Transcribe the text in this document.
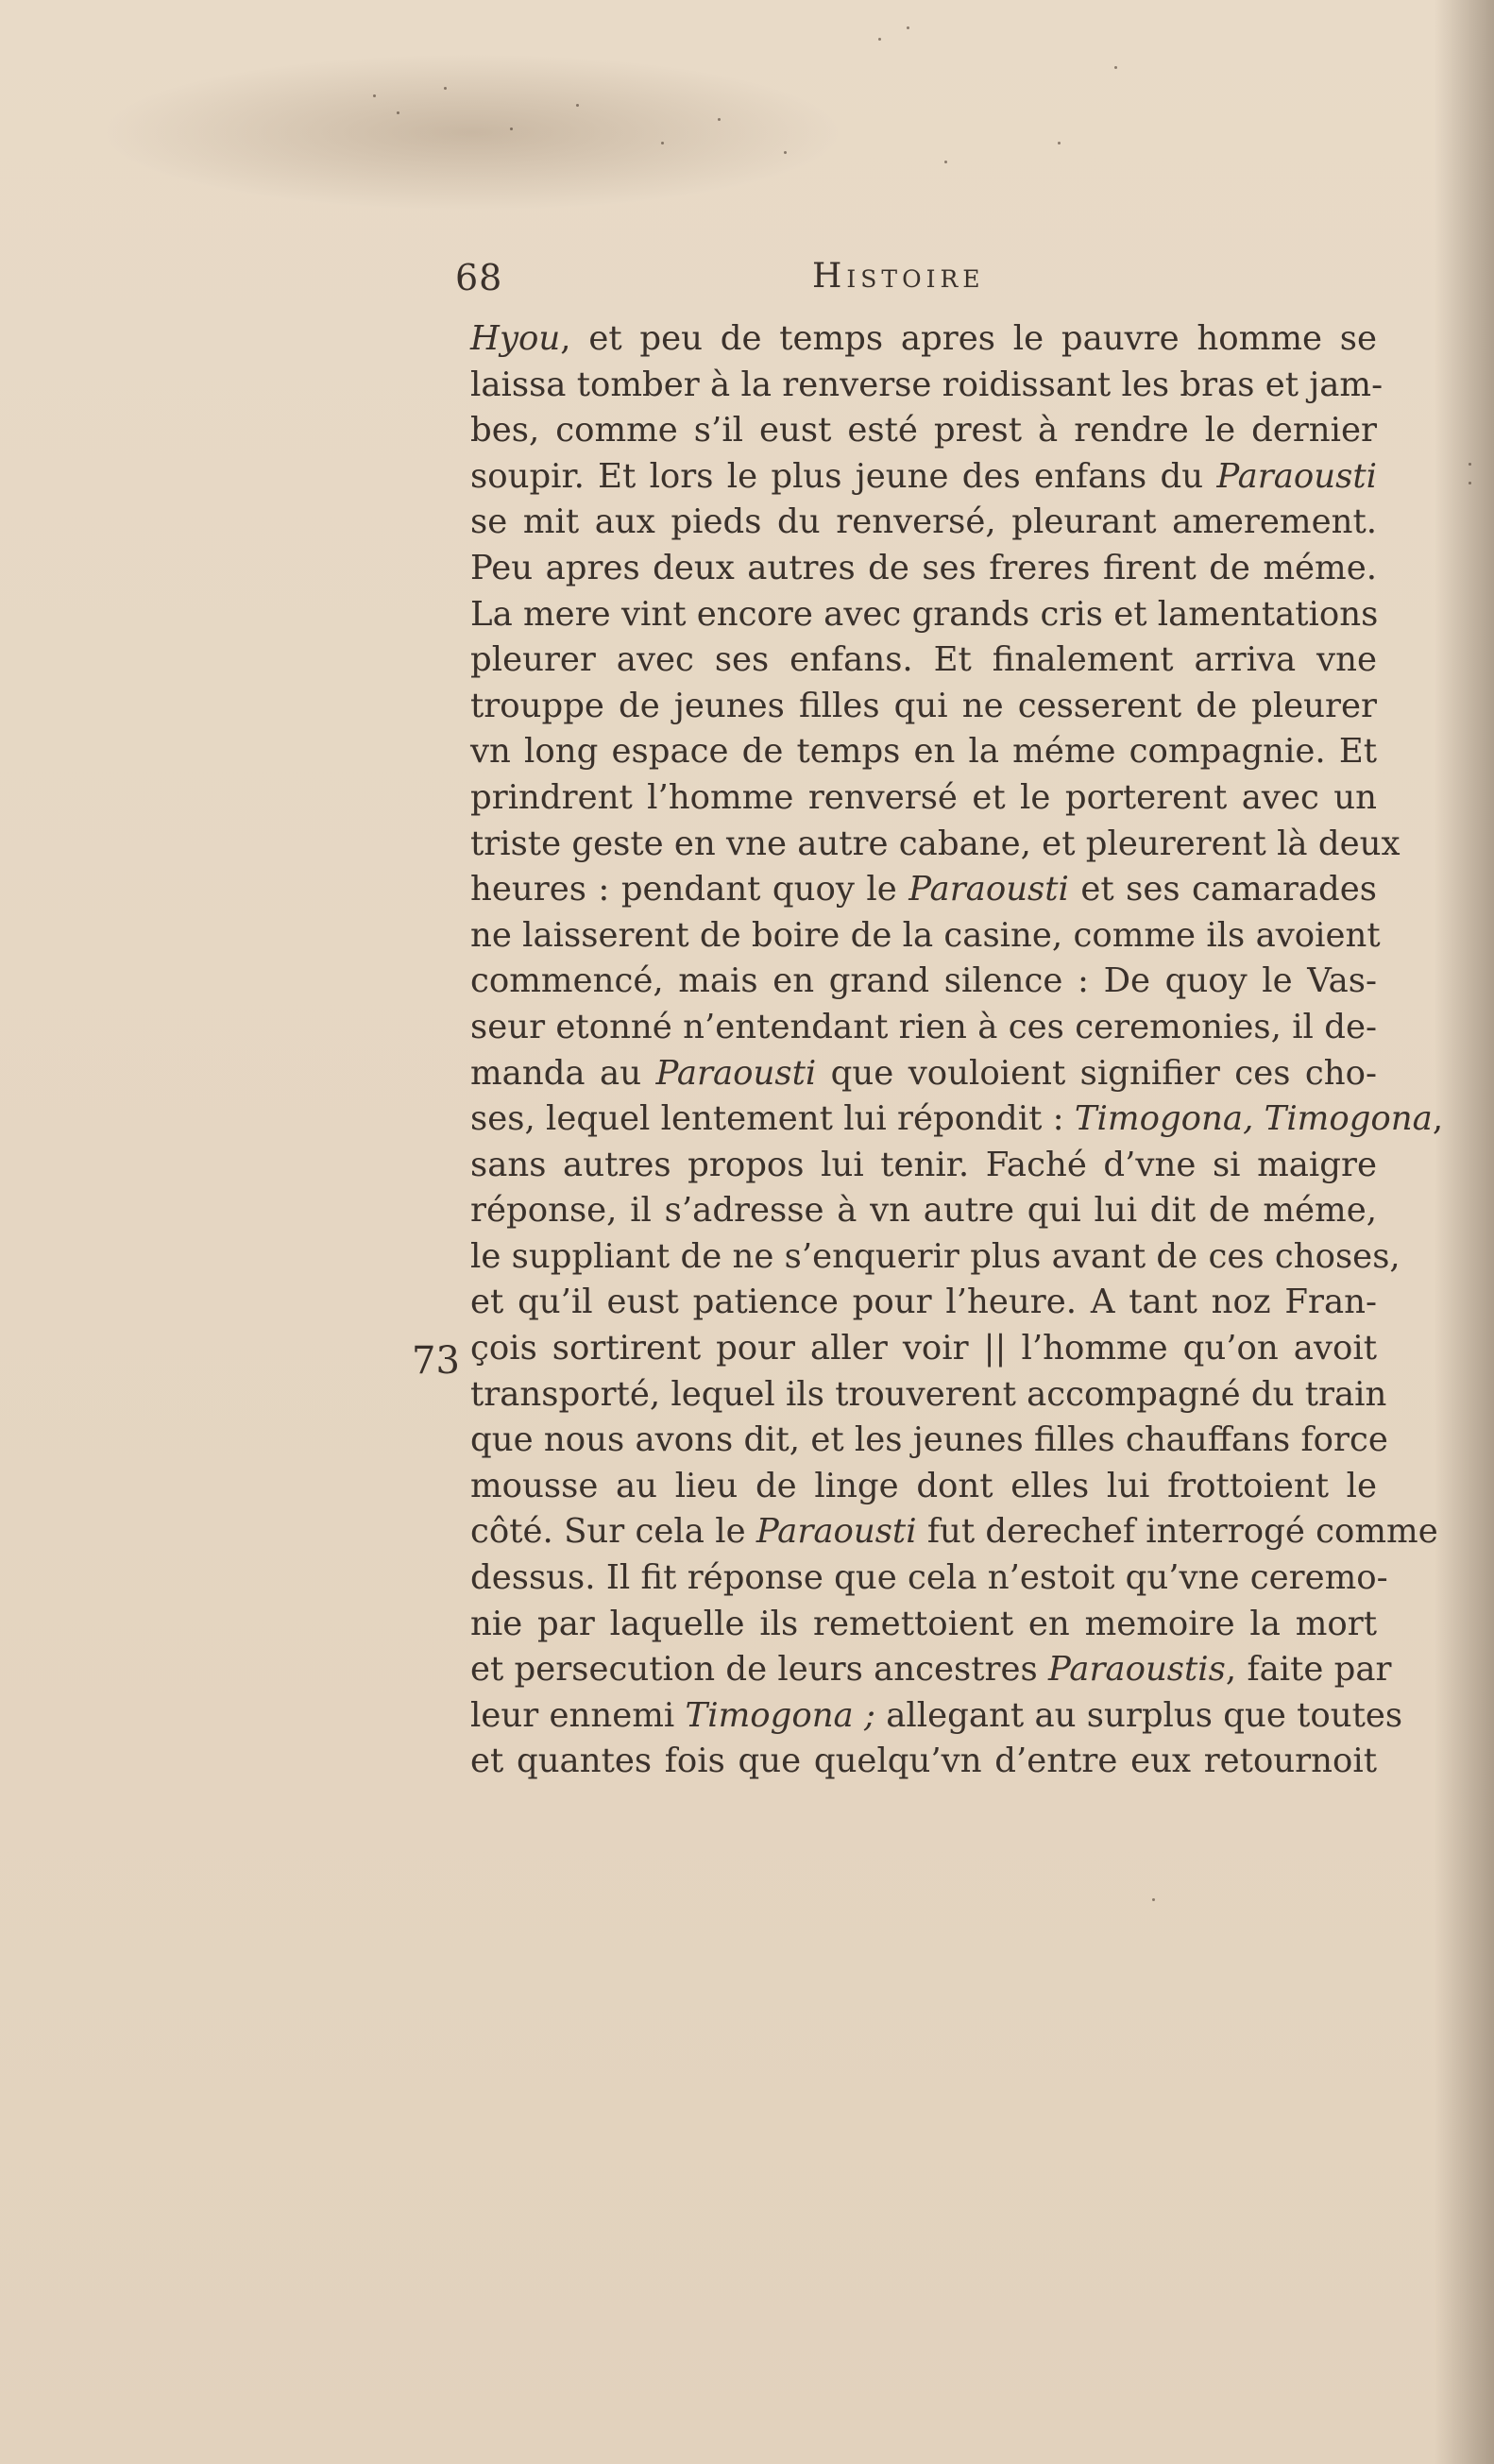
68	Histoire
73
Hyou, et peu de temps apres le pauvre homme se
laissa tomber à la renverse roidissant les bras et jam-
bes, comme s’il eust esté prest à rendre le dernier
soupir. Et lors le plus jeune des enfans du Paraousti
se mit aux pieds du renversé, pleurant amerement.
Peu apres deux autres de ses freres firent de méme.
La mere vint encore avec grands cris et lamentations
pleurer avec ses enfans. Et finalement arriva vne
trouppe de jeunes filles qui ne cesserent de pleurer
vn long espace de temps en la méme compagnie. Et
prindrent l’homme renversé et le porterent avec un
triste geste en vne autre cabane, et pleurerent là deux
heures : pendant quoy le Paraousti et ses camarades
ne laisserent de boire de la casine, comme ils avoient
commencé, mais en grand silence : De quoy le Vas-
seur etonné n’entendant rien à ces ceremonies, il de-
manda au Paraousti que vouloient signifier ces cho-
ses, lequel lentement lui répondit : Timogona, Timogona,
sans autres propos lui tenir. Faché d’vne si maigre
réponse, il s’adresse à vn autre qui lui dit de méme,
le suppliant de ne s’enquerir plus avant de ces choses,
et qu’il eust patience pour l’heure. A tant noz Fran-
çois sortirent pour aller voir || l’homme qu’on avoit
transporté, lequel ils trouverent accompagné du train
que nous avons dit, et les jeunes filles chauffans force
mousse au lieu de linge dont elles lui frottoient le
côté. Sur cela le Paraousti fut derechef interrogé comme
dessus. Il fit réponse que cela n’estoit qu’vne ceremo-
nie par laquelle ils remettoient en memoire la mort
et persecution de leurs ancestres Paraoustis, faite par
leur ennemi Timogona ; allegant au surplus que toutes
et quantes fois que quelqu’vn d’entre eux retournoit
